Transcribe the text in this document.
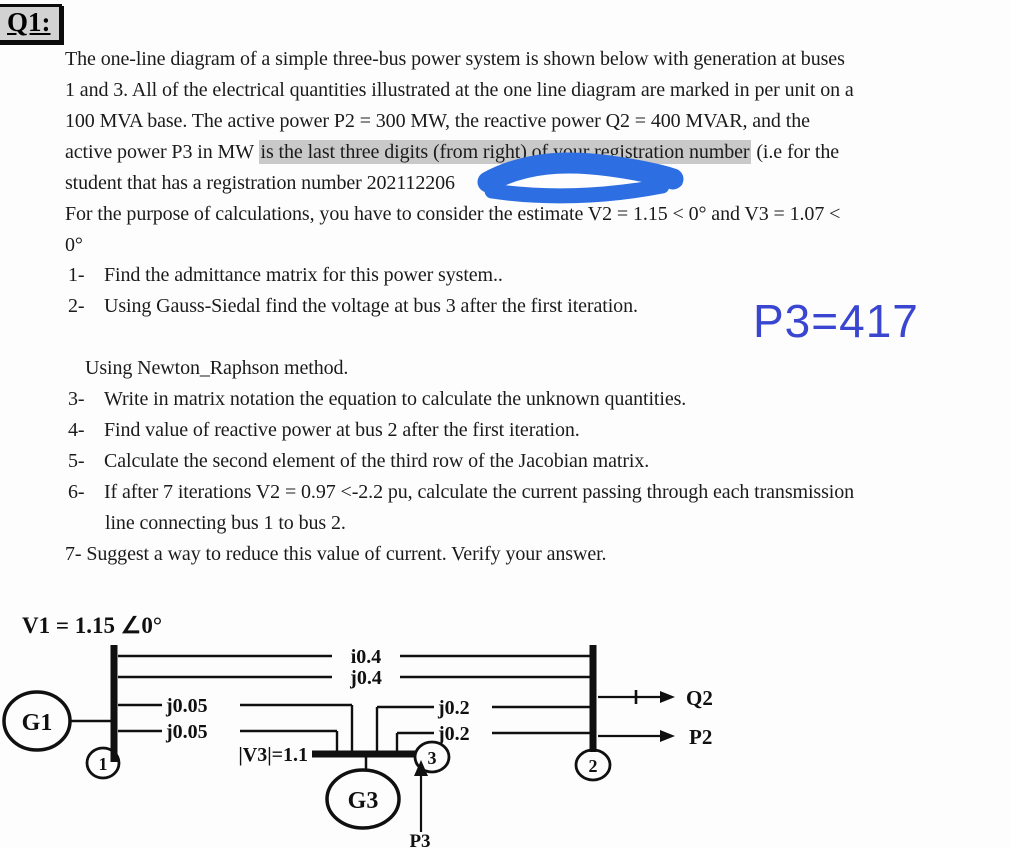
Q1:
The one-line diagram of a simple three-bus power system is shown below with generation at buses
1 and 3. All of the electrical quantities illustrated at the one line diagram are marked in per unit on a
100 MVA base. The active power P2 = 300 MW, the reactive power Q2 = 400 MVAR, and the
active power P3 in MW is the last three digits (from right) of your registration number (i.e for the
student that has a registration number 202112206
For the purpose of calculations, you have to consider the estimate V2 = 1.15 < 0° and V3 = 1.07 <
0°
1- Find the admittance matrix for this power system..
2- Using Gauss-Siedal find the voltage at bus 3 after the first iteration.
Using Newton_Raphson method.
3- Write in matrix notation the equation to calculate the unknown quantities.
4- Find value of reactive power at bus 2 after the first iteration.
5- Calculate the second element of the third row of the Jacobian matrix.
6- If after 7 iterations V2 = 0.97 <-2.2 pu, calculate the current passing through each transmission
line connecting bus 1 to bus 2.
7- Suggest a way to reduce this value of current. Verify your answer.
P3=417
V1 = 1.15 ∠0°
G1
i0.4
j0.4
j0.05
j0.05
|V3|=1.1
j0.2
j0.2
1	3	2
Q2
P2
G3
P3
